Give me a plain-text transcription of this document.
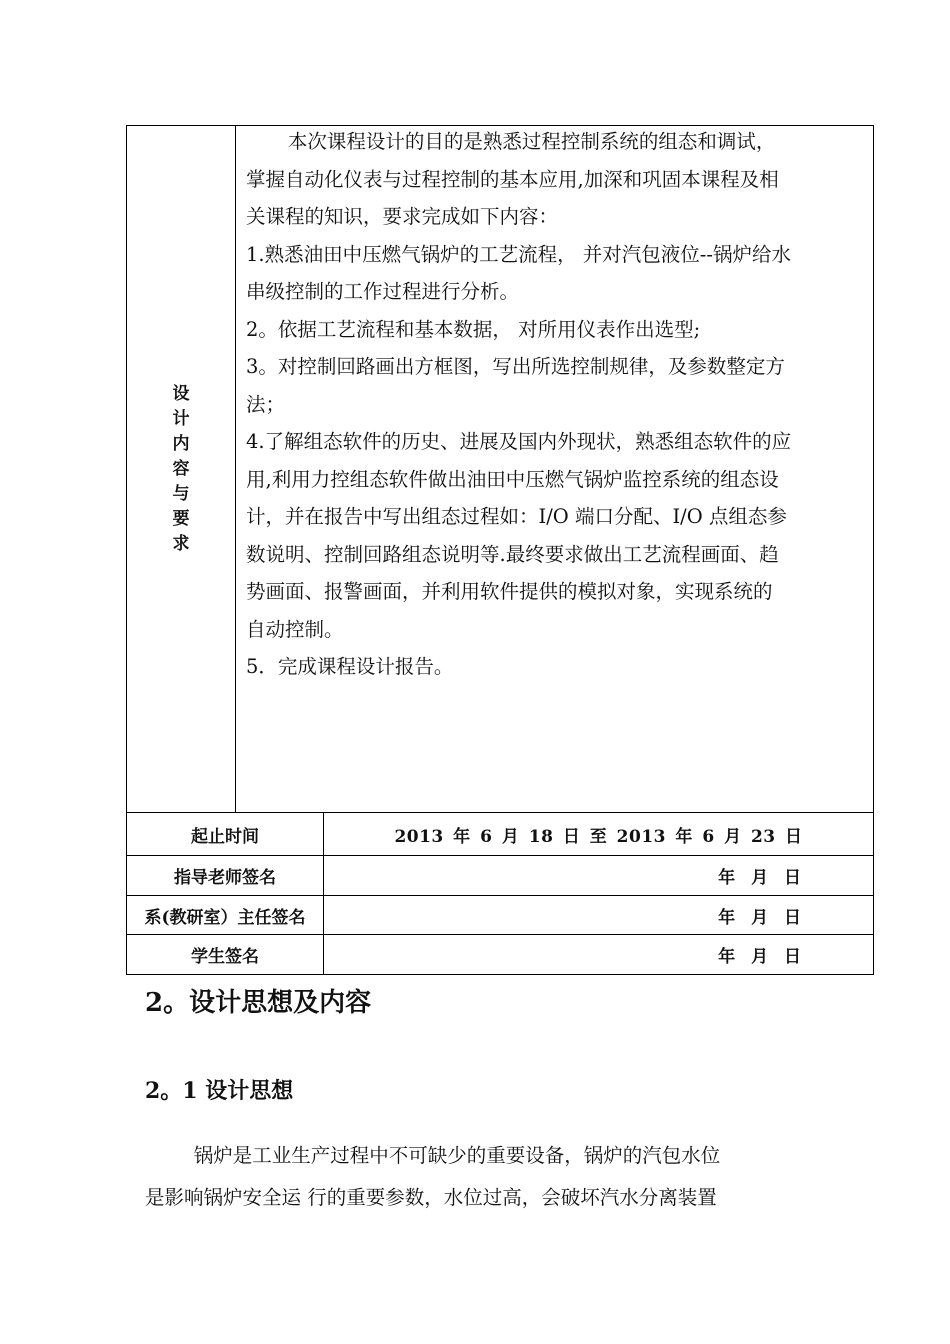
设计内容与要求

本次课程设计的目的是熟悉过程控制系统的组态和调试，

掌握自动化仪表与过程控制的基本应用,加深和巩固本课程及相

关课程的知识，要求完成如下内容：

1.熟悉油田中压燃气锅炉的工艺流程， 并对汽包液位--锅炉给水

串级控制的工作过程进行分析。

2。依据工艺流程和基本数据， 对所用仪表作出选型;

3。对控制回路画出方框图，写出所选控制规律，及参数整定方

法；

4.了解组态软件的历史、进展及国内外现状，熟悉组态软件的应

用,利用力控组态软件做出油田中压燃气锅炉监控系统的组态设

计，并在报告中写出组态过程如：I/O 端口分配、I/O 点组态参

数说明、控制回路组态说明等.最终要求做出工艺流程画面、趋

势画面、报警画面，并利用软件提供的模拟对象，实现系统的

自动控制。

5．完成课程设计报告。

起止时间	2013 年 6 月 18 日 至 2013 年 6 月 23 日
指导老师签名	年 月 日
系(教研室）主任签名	年 月 日
学生签名	年 月 日
2。设计思想及内容
2。1 设计思想

锅炉是工业生产过程中不可缺少的重要设备，锅炉的汽包水位

是影响锅炉安全运 行的重要参数，水位过高，会破坏汽水分离装置
